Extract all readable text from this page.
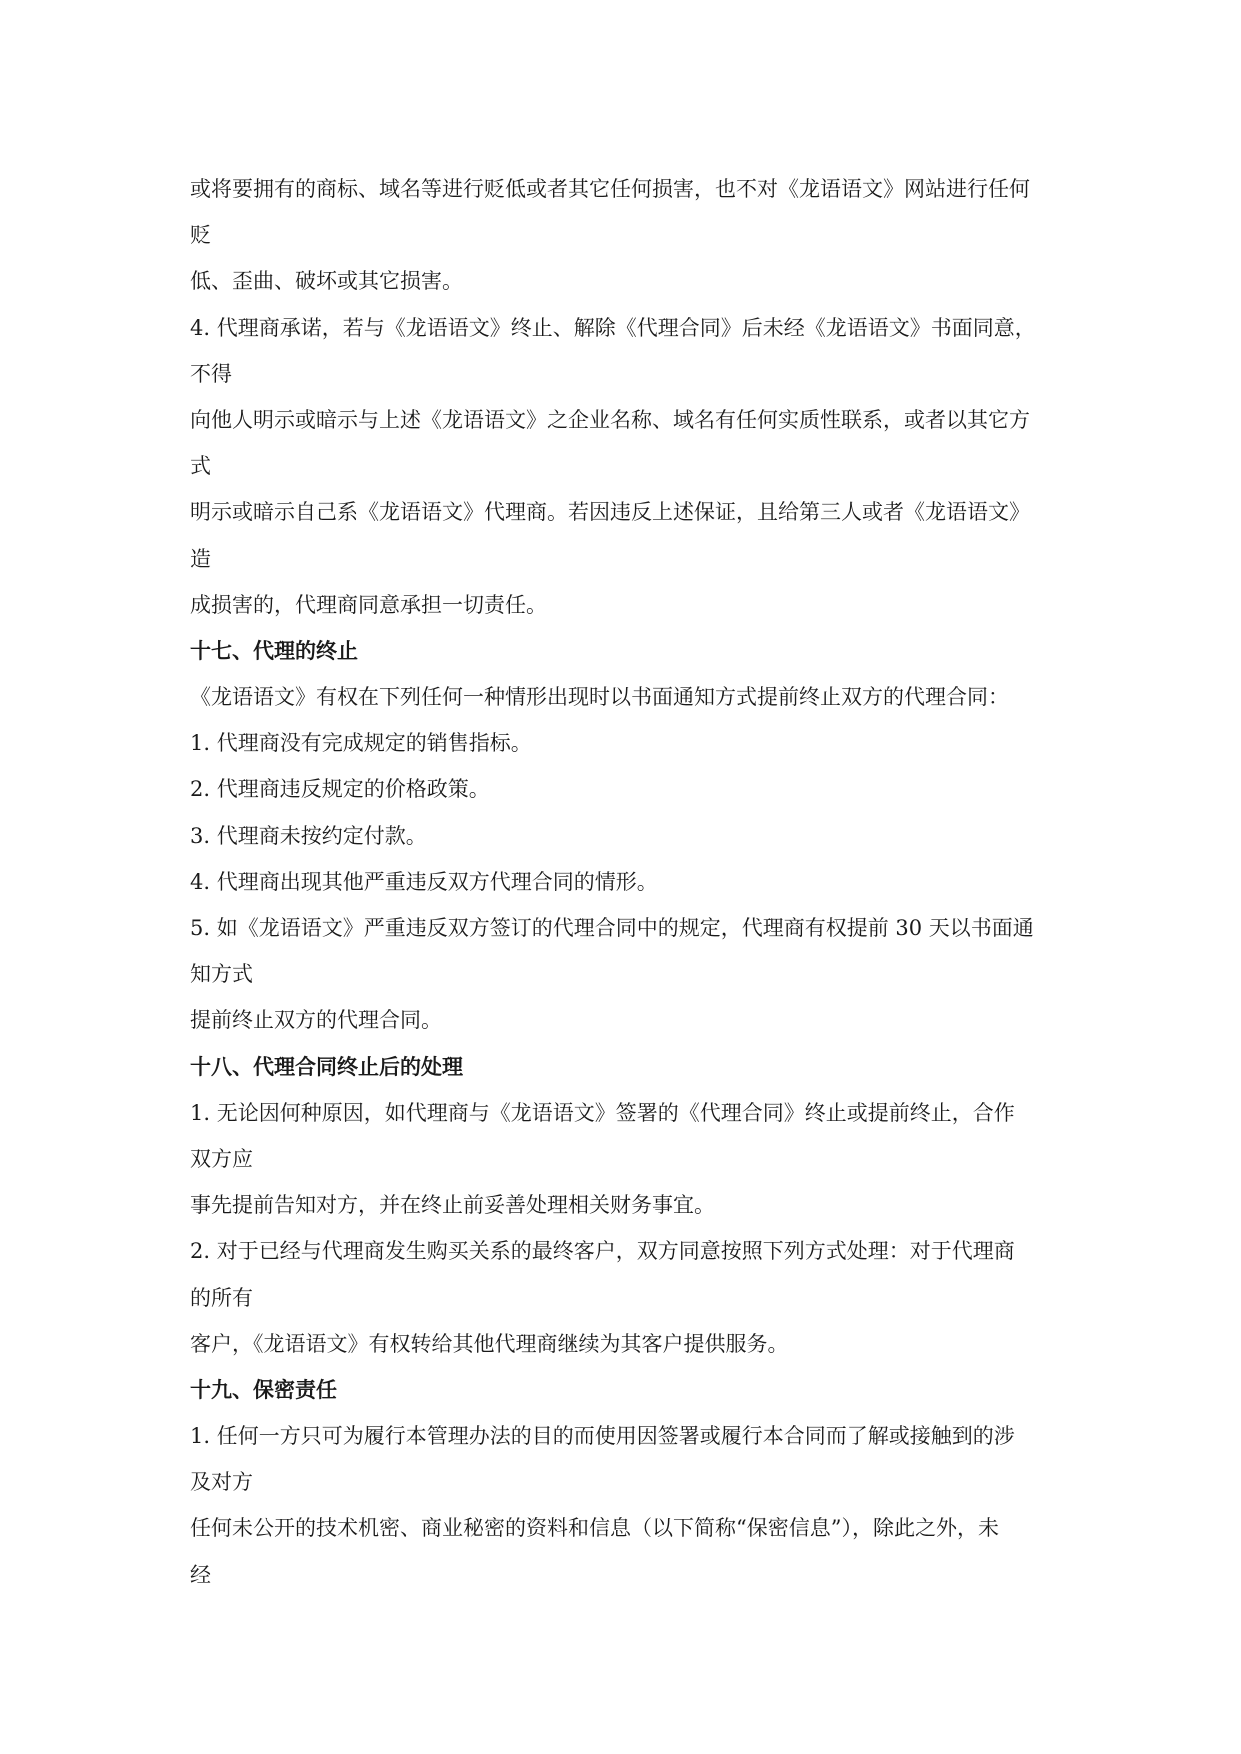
或将要拥有的商标、域名等进行贬低或者其它任何损害，也不对《龙语语文》网站进行任何
贬
低、歪曲、破坏或其它损害。
4. 代理商承诺，若与《龙语语文》终止、解除《代理合同》后未经《龙语语文》书面同意，
不得
向他人明示或暗示与上述《龙语语文》之企业名称、域名有任何实质性联系，或者以其它方
式
明示或暗示自己系《龙语语文》代理商。若因违反上述保证，且给第三人或者《龙语语文》
造
成损害的，代理商同意承担一切责任。
十七、代理的终止
《龙语语文》有权在下列任何一种情形出现时以书面通知方式提前终止双方的代理合同：
1. 代理商没有完成规定的销售指标。
2. 代理商违反规定的价格政策。
3. 代理商未按约定付款。
4. 代理商出现其他严重违反双方代理合同的情形。
5. 如《龙语语文》严重违反双方签订的代理合同中的规定，代理商有权提前 30 天以书面通
知方式
提前终止双方的代理合同。
十八、代理合同终止后的处理
1. 无论因何种原因，如代理商与《龙语语文》签署的《代理合同》终止或提前终止，合作
双方应
事先提前告知对方，并在终止前妥善处理相关财务事宜。
2. 对于已经与代理商发生购买关系的最终客户，双方同意按照下列方式处理：对于代理商
的所有
客户，《龙语语文》有权转给其他代理商继续为其客户提供服务。
十九、保密责任
1. 任何一方只可为履行本管理办法的目的而使用因签署或履行本合同而了解或接触到的涉
及对方
任何未公开的技术机密、商业秘密的资料和信息（以下简称“保密信息”），除此之外，未
经
